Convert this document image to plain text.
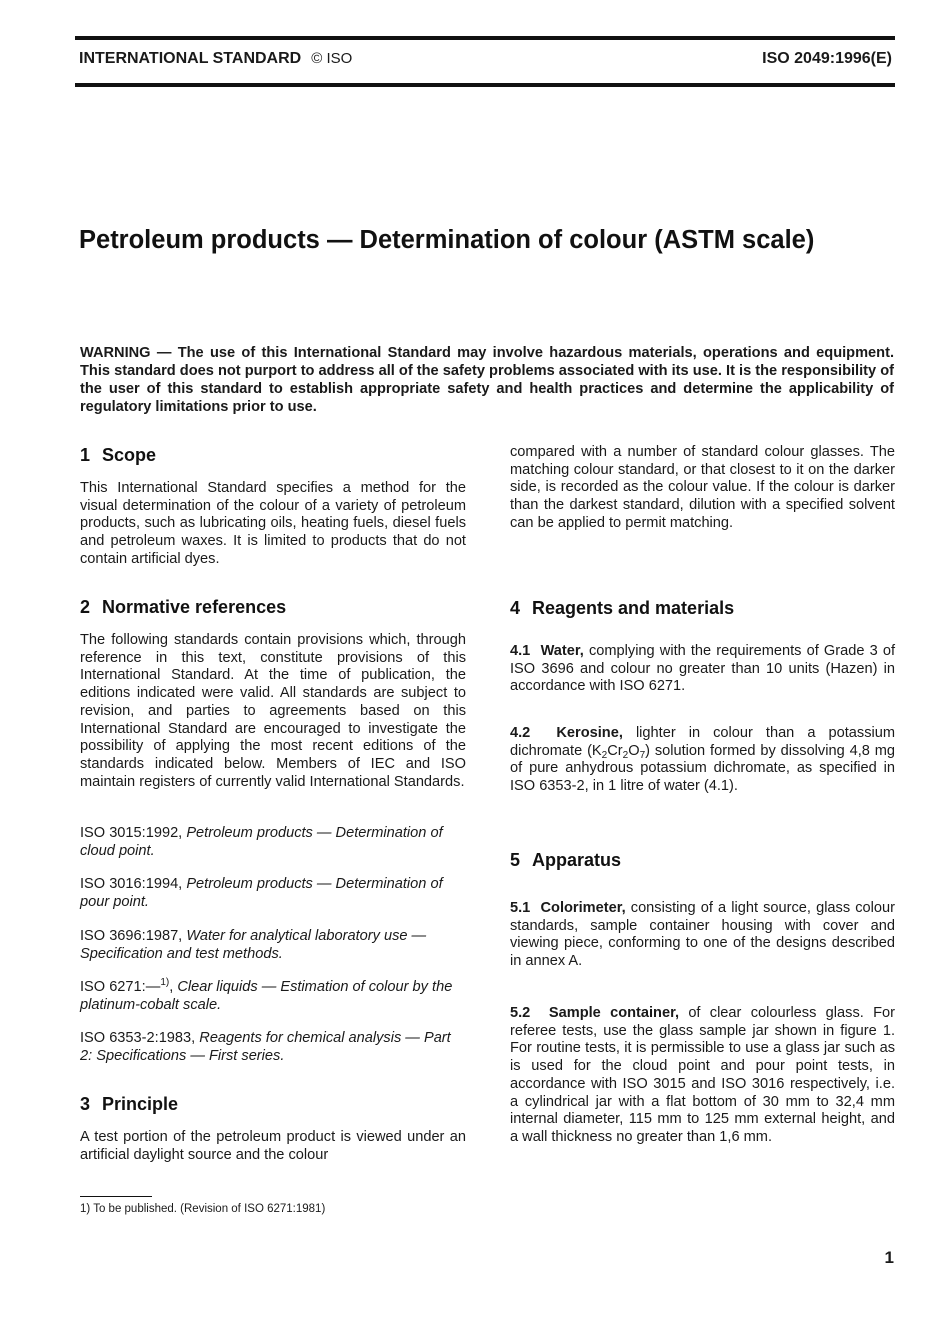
INTERNATIONAL STANDARD © ISO	ISO 2049:1996(E)
Petroleum products — Determination of colour (ASTM scale)

WARNING — The use of this International Standard may involve hazardous materials, operations and equipment. This standard does not purport to address all of the safety problems associated with its use. It is the responsibility of the user of this standard to establish appropriate safety and health practices and determine the applicability of regulatory limitations prior to use.

1 Scope

This International Standard specifies a method for the visual determination of the colour of a variety of petroleum products, such as lubricating oils, heating fuels, diesel fuels and petroleum waxes. It is limited to products that do not contain artificial dyes.

2 Normative references

The following standards contain provisions which, through reference in this text, constitute provisions of this International Standard. At the time of publication, the editions indicated were valid. All standards are subject to revision, and parties to agreements based on this International Standard are encouraged to investigate the possibility of applying the most recent editions of the standards indicated below. Members of IEC and ISO maintain registers of currently valid International Standards.

ISO 3015:1992, Petroleum products — Determination of cloud point.

ISO 3016:1994, Petroleum products — Determination of pour point.

ISO 3696:1987, Water for analytical laboratory use — Specification and test methods.

ISO 6271:—$^{1)}$, Clear liquids — Estimation of colour by the platinum-cobalt scale.

ISO 6353-2:1983, Reagents for chemical analysis — Part 2: Specifications — First series.

3 Principle

A test portion of the petroleum product is viewed under an artificial daylight source and the colour

compared with a number of standard colour glasses. The matching colour standard, or that closest to it on the darker side, is recorded as the colour value. If the colour is darker than the darkest standard, dilution with a specified solvent can be applied to permit matching.

4 Reagents and materials

4.1 Water, complying with the requirements of Grade 3 of ISO 3696 and colour no greater than 10 units (Hazen) in accordance with ISO 6271.

4.2 Kerosine, lighter in colour than a potassium dichromate $(K_2Cr_2O_7)$ solution formed by dissolving 4,8 mg of pure anhydrous potassium dichromate, as specified in ISO 6353-2, in 1 litre of water (4.1).

5 Apparatus

5.1 Colorimeter, consisting of a light source, glass colour standards, sample container housing with cover and viewing piece, conforming to one of the designs described in annex A.

5.2 Sample container, of clear colourless glass. For referee tests, use the glass sample jar shown in figure 1. For routine tests, it is permissible to use a glass jar such as is used for the cloud point and pour point tests, in accordance with ISO 3015 and ISO 3016 respectively, i.e. a cylindrical jar with a flat bottom of 30 mm to 32,4 mm internal diameter, 115 mm to 125 mm external height, and a wall thickness no greater than 1,6 mm.

1) To be published. (Revision of ISO 6271:1981)
1
